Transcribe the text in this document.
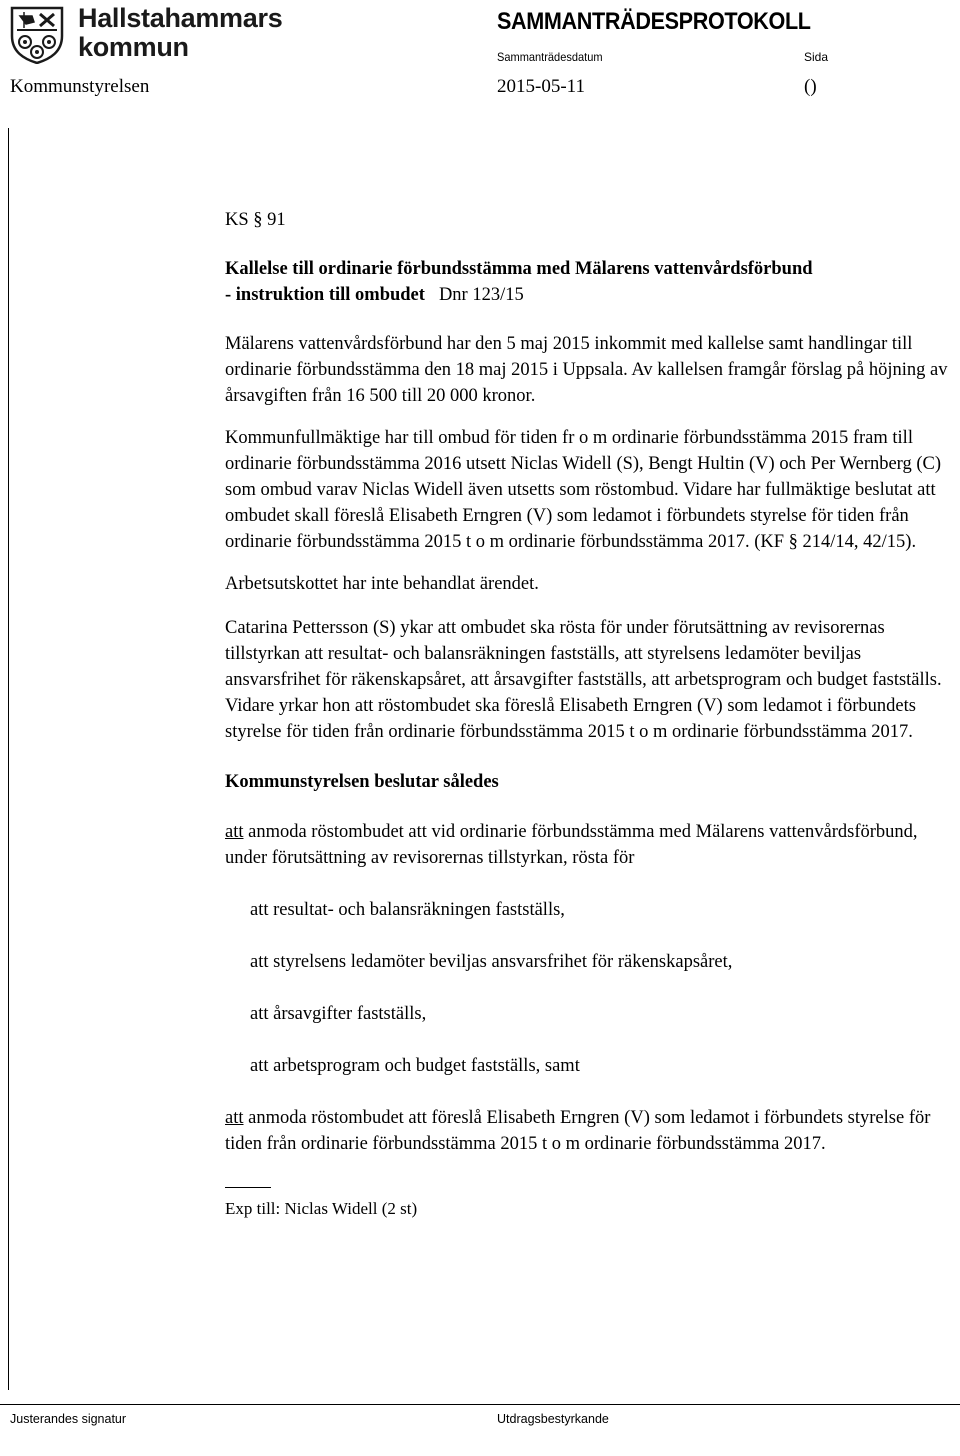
Hallstahammars
kommun
SAMMANTRÄDESPROTOKOLL
Sammanträdesdatum	Sida
Kommunstyrelsen	2015-05-11	()

KS § 91

Kallelse till ordinarie förbundsstämma med Mälarens vattenvårdsförbund
- instruktion till ombudet Dnr 123/15

Mälarens vattenvårdsförbund har den 5 maj 2015 inkommit med kallelse samt handlingar till ordinarie förbundsstämma den 18 maj 2015 i Uppsala. Av kallelsen framgår förslag på höjning av årsavgiften från 16 500 till 20 000 kronor.

Kommunfullmäktige har till ombud för tiden fr o m ordinarie förbundsstämma 2015 fram till ordinarie förbundsstämma 2016 utsett Niclas Widell (S), Bengt Hultin (V) och Per Wernberg (C) som ombud varav Niclas Widell även utsetts som röstombud. Vidare har fullmäktige beslutat att ombudet skall föreslå Elisabeth Erngren (V) som ledamot i förbundets styrelse för tiden från ordinarie förbundsstämma 2015 t o m ordinarie förbundsstämma 2017. (KF § 214/14, 42/15).

Arbetsutskottet har inte behandlat ärendet.

Catarina Pettersson (S) ykar att ombudet ska rösta för under förutsättning av revisorernas tillstyrkan att resultat- och balansräkningen fastställs, att styrelsens ledamöter beviljas ansvarsfrihet för räkenskapsåret, att årsavgifter fastställs, att arbetsprogram och budget fastställs. Vidare yrkar hon att röstombudet ska föreslå Elisabeth Erngren (V) som ledamot i förbundets styrelse för tiden från ordinarie förbundsstämma 2015 t o m ordinarie förbundsstämma 2017.

Kommunstyrelsen beslutar således

att anmoda röstombudet att vid ordinarie förbundsstämma med Mälarens vattenvårdsförbund, under förutsättning av revisorernas tillstyrkan, rösta för

att resultat- och balansräkningen fastställs,

att styrelsens ledamöter beviljas ansvarsfrihet för räkenskapsåret,

att årsavgifter fastställs,

att arbetsprogram och budget fastställs, samt

att anmoda röstombudet att föreslå Elisabeth Erngren (V) som ledamot i förbundets styrelse för tiden från ordinarie förbundsstämma 2015 t o m ordinarie förbundsstämma 2017.

Exp till: Niclas Widell (2 st)

Justerandes signatur	Utdragsbestyrkande
